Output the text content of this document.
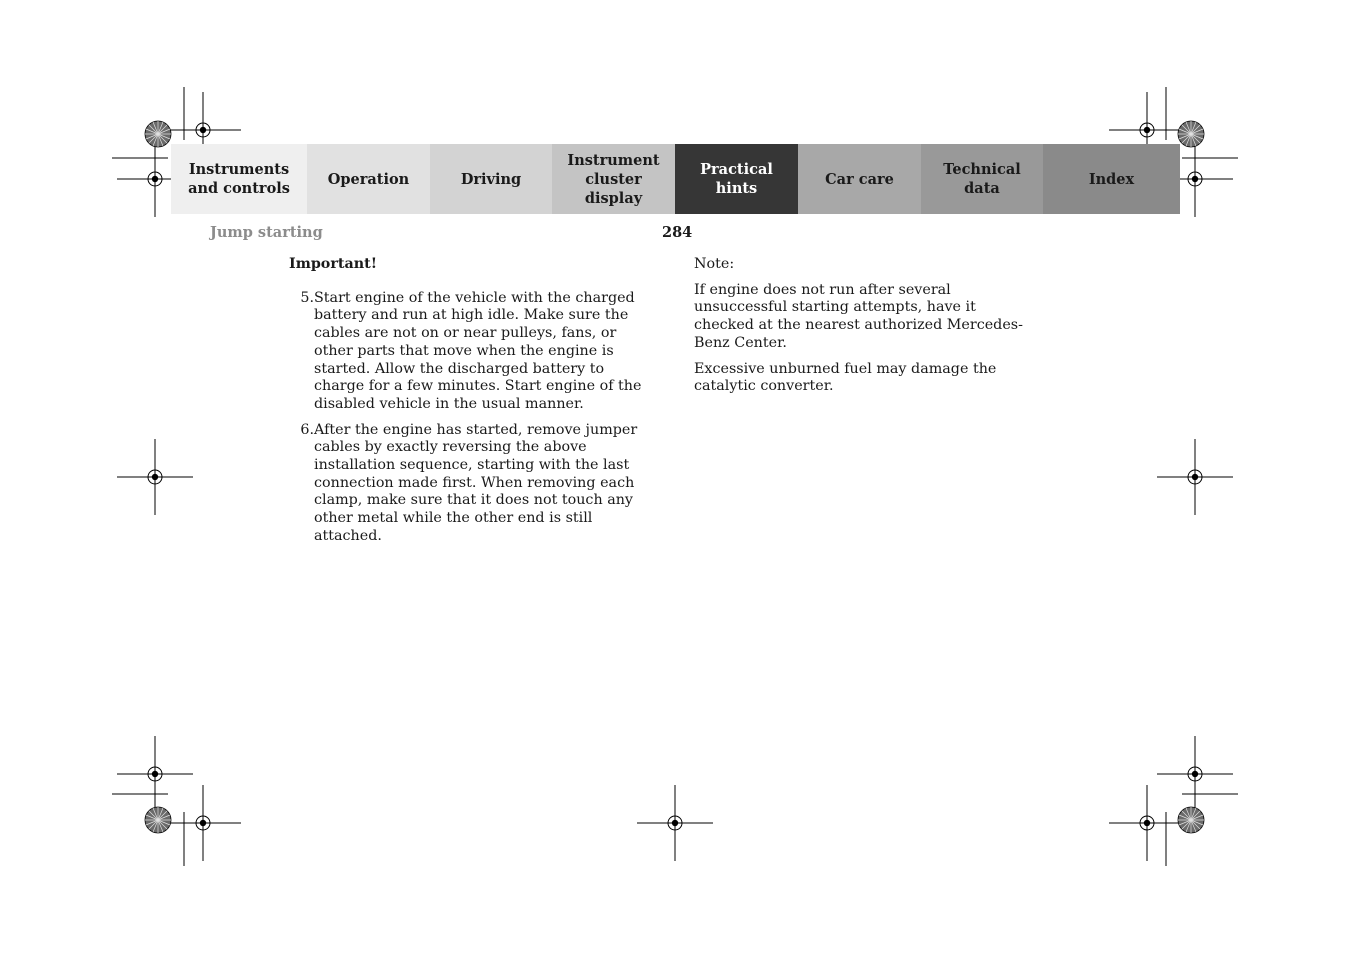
Instruments
and controls
Operation	Driving
Instrument
cluster display
Practical hints
Car care
Technical
data
Index
Jump starting	284
Important!
5. Start engine of the vehicle with the charged battery and run at high idle. Make sure the cables are not on or near pulleys, fans, or other parts that move when the engine is started. Allow the discharged battery to charge for a few minutes. Start engine of the disabled vehicle in the usual manner.
6. After the engine has started, remove jumper cables by exactly reversing the above installation sequence, starting with the last connection made first. When removing each clamp, make sure that it does not touch any other metal while the other end is still attached.
Note:

If engine does not run after several unsuccessful starting attempts, have it checked at the nearest authorized Mercedes-Benz Center.

Excessive unburned fuel may damage the catalytic converter.
